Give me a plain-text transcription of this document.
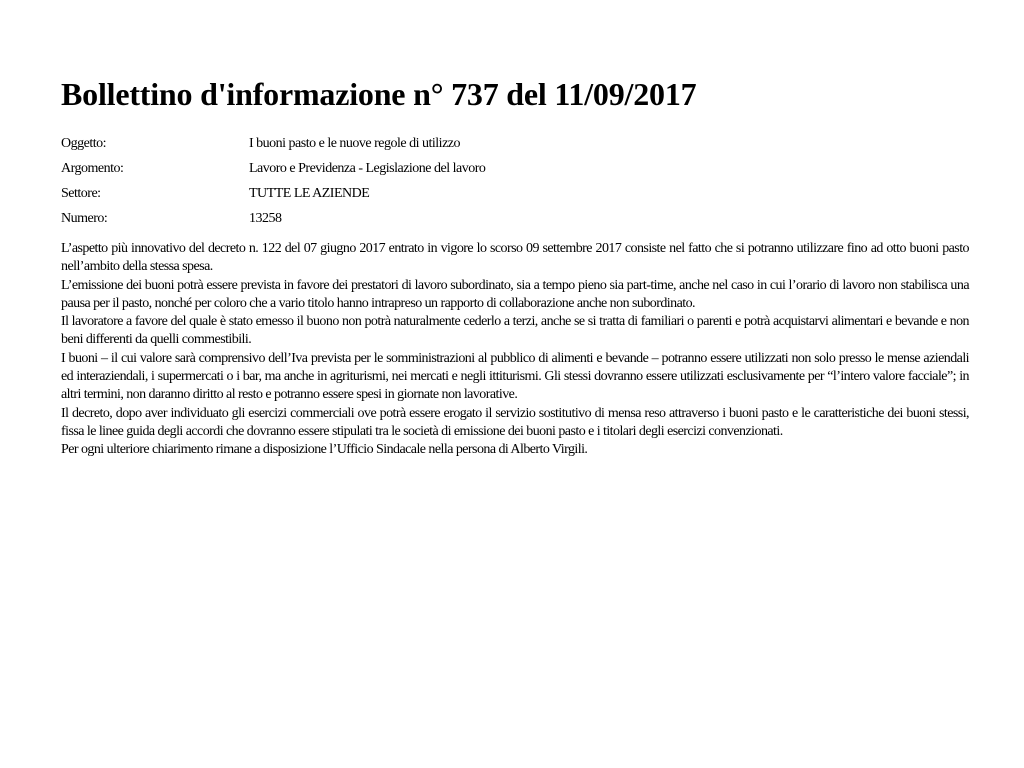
Bollettino d'informazione n° 737 del 11/09/2017
Oggetto:	I buoni pasto e le nuove regole di utilizzo
Argomento:	Lavoro e Previdenza - Legislazione del lavoro
Settore:	TUTTE LE AZIENDE
Numero:	13258

L’aspetto più innovativo del decreto n. 122 del 07 giugno 2017 entrato in vigore lo scorso 09 settembre 2017 consiste nel fatto che si potranno utilizzare fino ad otto buoni pasto nell’ambito della stessa spesa.

L’emissione dei buoni potrà essere prevista in favore dei prestatori di lavoro subordinato, sia a tempo pieno sia part-time, anche nel caso in cui l’orario di lavoro non stabilisca una pausa per il pasto, nonché per coloro che a vario titolo hanno intrapreso un rapporto di collaborazione anche non subordinato.

Il lavoratore a favore del quale è stato emesso il buono non potrà naturalmente cederlo a terzi, anche se si tratta di familiari o parenti e potrà acquistarvi alimentari e bevande e non beni differenti da quelli commestibili.

I buoni – il cui valore sarà comprensivo dell’Iva prevista per le somministrazioni al pubblico di alimenti e bevande – potranno essere utilizzati non solo presso le mense aziendali ed interaziendali, i supermercati o i bar, ma anche in agriturismi, nei mercati e negli ittiturismi. Gli stessi dovranno essere utilizzati esclusivamente per “l’intero valore facciale”; in altri termini, non daranno diritto al resto e potranno essere spesi in giornate non lavorative.

Il decreto, dopo aver individuato gli esercizi commerciali ove potrà essere erogato il servizio sostitutivo di mensa reso attraverso i buoni pasto e le caratteristiche dei buoni stessi, fissa le linee guida degli accordi che dovranno essere stipulati tra le società di emissione dei buoni pasto e i titolari degli esercizi convenzionati.

Per ogni ulteriore chiarimento rimane a disposizione l’Ufficio Sindacale nella persona di Alberto Virgili.
